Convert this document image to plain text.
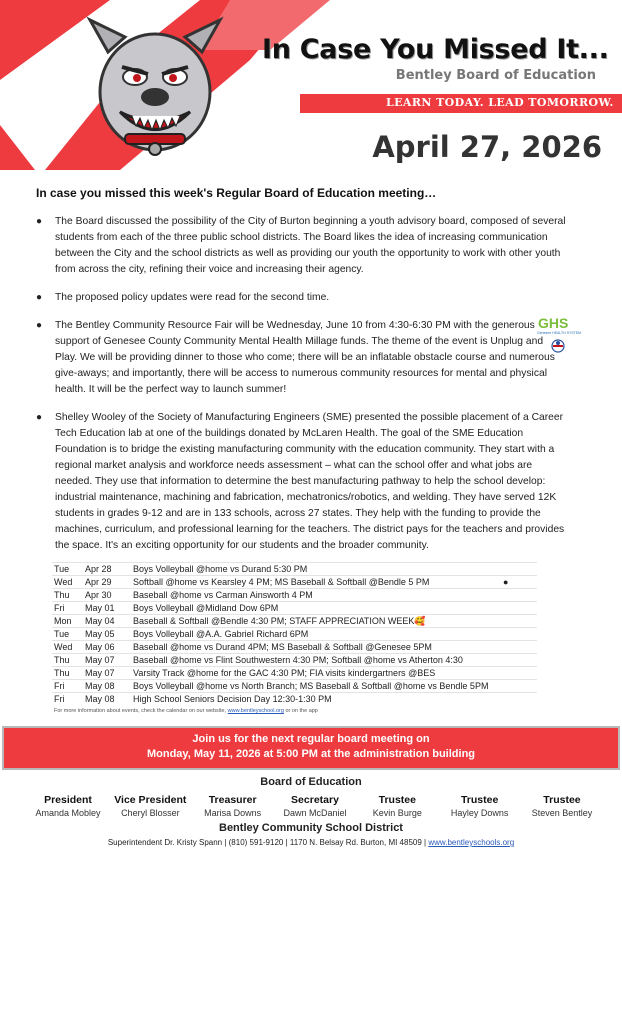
In Case You Missed It...
Bentley Board of Education
LEARN TODAY. LEAD TOMORROW.
April 27, 2026
In case you missed this week's Regular Board of Education meeting…
● The Board discussed the possibility of the City of Burton beginning a youth advisory board, composed of several students from each of the three public school districts. The Board likes the idea of increasing communication between the City and the school districts as well as providing our youth the opportunity to work with other youth from across the city, refining their voice and increasing their agency.
● The proposed policy updates were read for the second time.
● The Bentley Community Resource Fair will be Wednesday, June 10 from 4:30-6:30 PM with the generous support of Genesee County Community Mental Health Millage funds. The theme of the event is Unplug and Play. We will be providing dinner to those who come; there will be an inflatable obstacle course and numerous give-aways; and importantly, there will be access to numerous community resources for mental and physical health. It will be the perfect way to launch summer!
● Shelley Wooley of the Society of Manufacturing Engineers (SME) presented the possible placement of a Career Tech Education lab at one of the buildings donated by McLaren Health. The goal of the SME Education Foundation is to bridge the existing manufacturing community with the education community. They start with a regional market analysis and workforce needs assessment – what can the school offer and what jobs are needed. They use that information to determine the best manufacturing pathway to help the school develop: industrial maintenance, machining and fabrication, mechatronics/robotics, and welding. They have served 12K students in grades 9-12 and are in 133 schools, across 27 states. They help with the funding to provide the machines, curriculum, and professional learning for the teachers. The district pays for the teachers and provides the space. It's an exciting opportunity for our students and the broader community.
GHS
Genesee HEALTH SYSTEM
Tue	Apr 28	Boys Volleyball @home vs Durand 5:30 PM
Wed	Apr 29	Softball @home vs Kearsley 4 PM; MS Baseball & Softball @Bendle 5 PM
Thu	Apr 30	Baseball @home vs Carman Ainsworth 4 PM
Fri	May 01	Boys Volleyball @Midland Dow 6PM
Mon	May 04	Baseball & Softball @Bendle 4:30 PM; STAFF APPRECIATION WEEK🥰
Tue	May 05	Boys Volleyball @A.A. Gabriel Richard 6PM
Wed	May 06	Baseball @home vs Durand 4PM; MS Baseball & Softball @Genesee 5PM
Thu	May 07	Baseball @home vs Flint Southwestern 4:30 PM; Softball @home vs Atherton 4:30
Thu	May 07	Varsity Track @home for the GAC 4:30 PM; FIA visits kindergartners @BES
Fri	May 08	Boys Volleyball @home vs North Branch; MS Baseball & Softball @home vs Bendle 5PM
Fri	May 08	High School Seniors Decision Day 12:30-1:30 PM
●
For more information about events, check the calendar on our website, www.bentleyschool.org or on the app
Join us for the next regular board meeting on
Monday, May 11, 2026 at 5:00 PM at the administration building
Board of Education
President
Amanda Mobley
Vice President
Cheryl Blosser
Treasurer
Marisa Downs
Secretary
Dawn McDaniel
Trustee
Kevin Burge
Trustee
Hayley Downs
Trustee
Steven Bentley
Bentley Community School District
Superintendent Dr. Kristy Spann | (810) 591-9120 | 1170 N. Belsay Rd. Burton, MI 48509 | www.bentleyschools.org
